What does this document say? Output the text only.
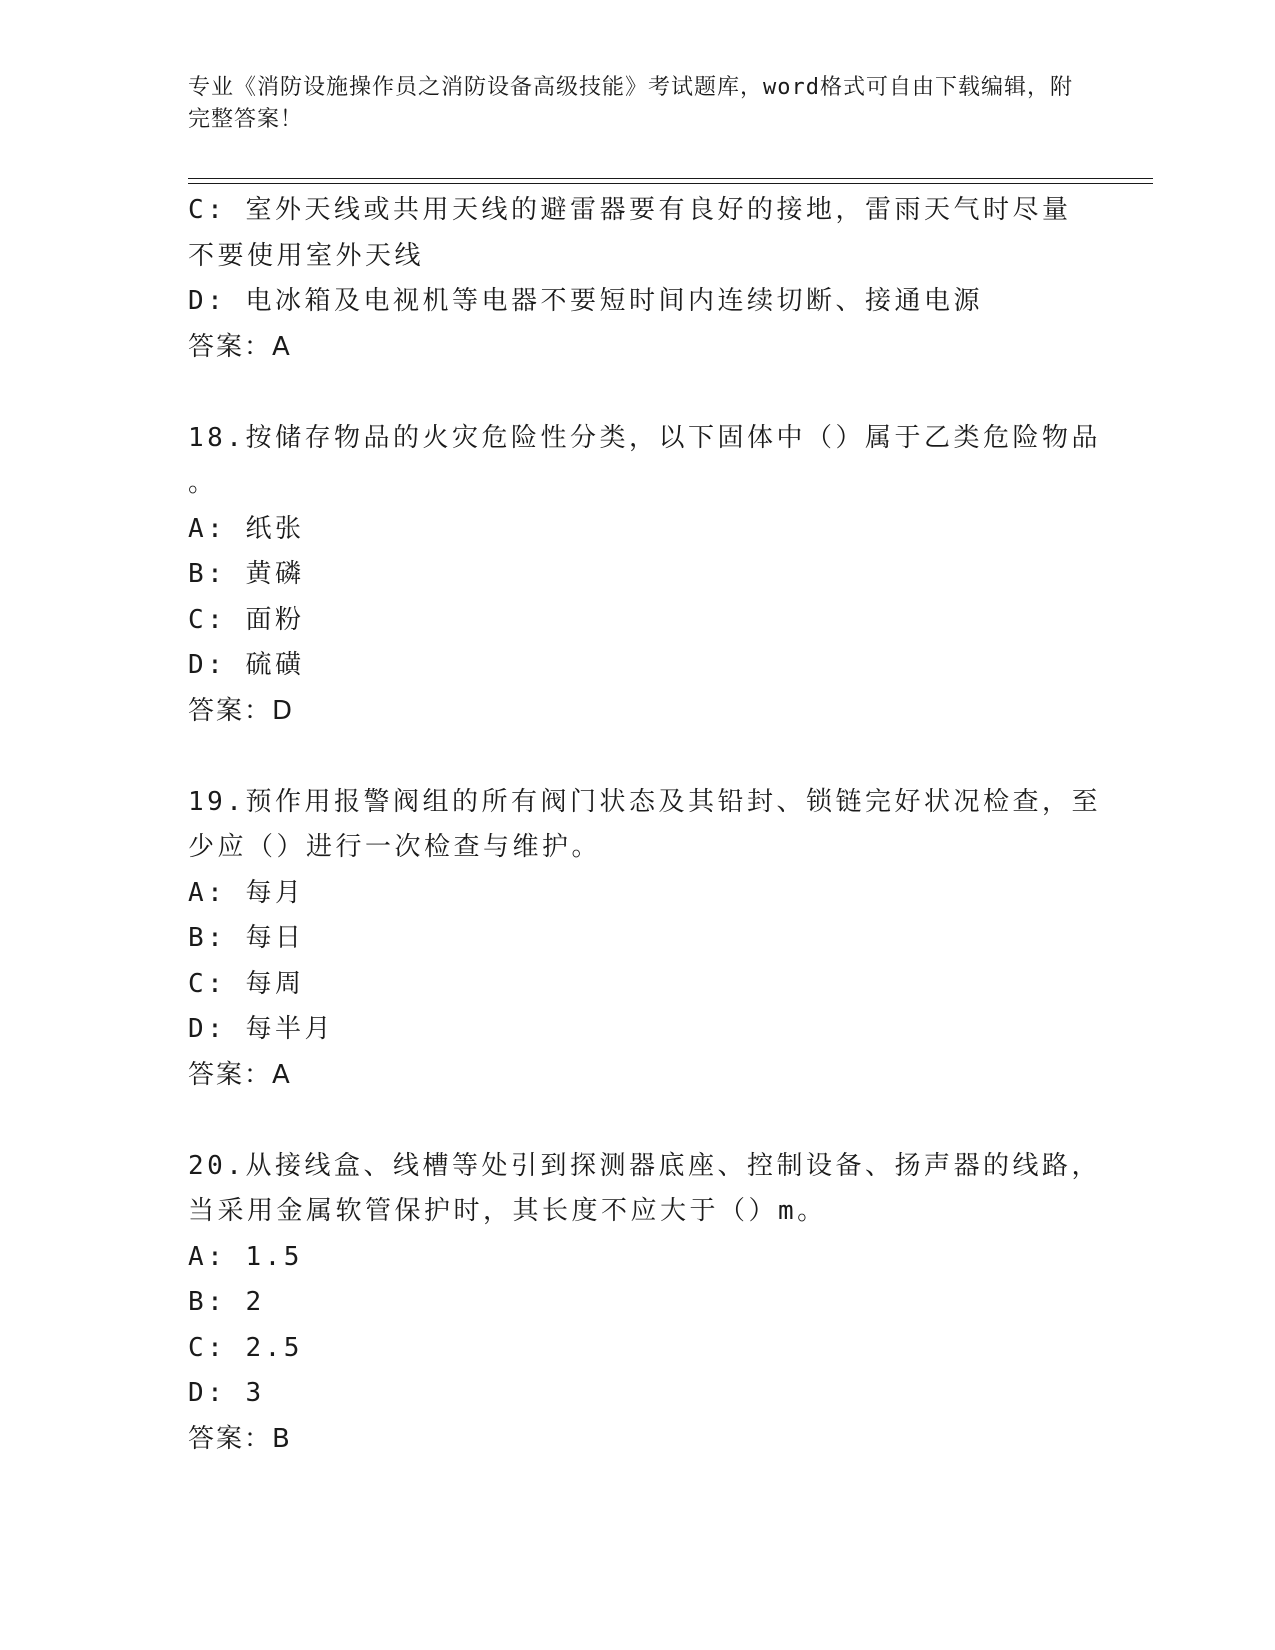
专业《消防设施操作员之消防设备高级技能》考试题库，word格式可自由下载编辑，附完整答案！
C: 室外天线或共用天线的避雷器要有良好的接地，雷雨天气时尽量不要使用室外天线
D: 电冰箱及电视机等电器不要短时间内连续切断、接通电源
答案：A
18.按储存物品的火灾危险性分类，以下固体中（）属于乙类危险物品
。
A: 纸张
B: 黄磷
C: 面粉
D: 硫磺
答案：D
19.预作用报警阀组的所有阀门状态及其铅封、锁链完好状况检查，至
少应（）进行一次检查与维护。
A: 每月
B: 每日
C: 每周
D: 每半月
答案：A
20.从接线盒、线槽等处引到探测器底座、控制设备、扬声器的线路，
当采用金属软管保护时，其长度不应大于（）m。
A: 1.5
B: 2
C: 2.5
D: 3
答案：B
